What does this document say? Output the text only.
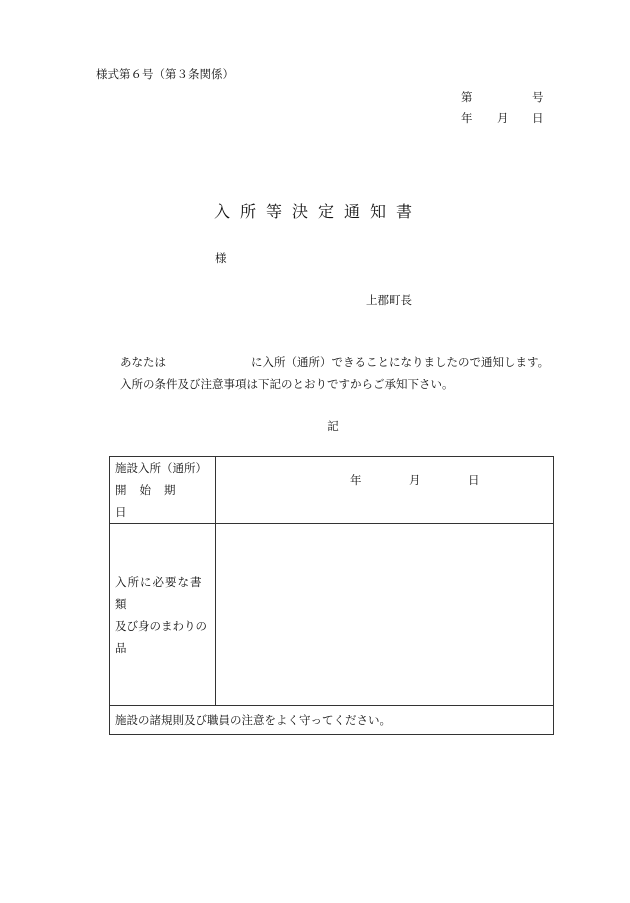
様式第６号（第３条関係）
第	号
年 月 日
入所等決定通知書
様
上郡町長
あなたは	に入所（通所）できることになりましたので通知します。
入所の条件及び注意事項は下記のとおりですからご承知下さい。
記
施設入所（通所）
開始期日	年 月 日

入所に必要な書類
及び身のまわりの品	

施設の諸規則及び職員の注意をよく守ってください。	
